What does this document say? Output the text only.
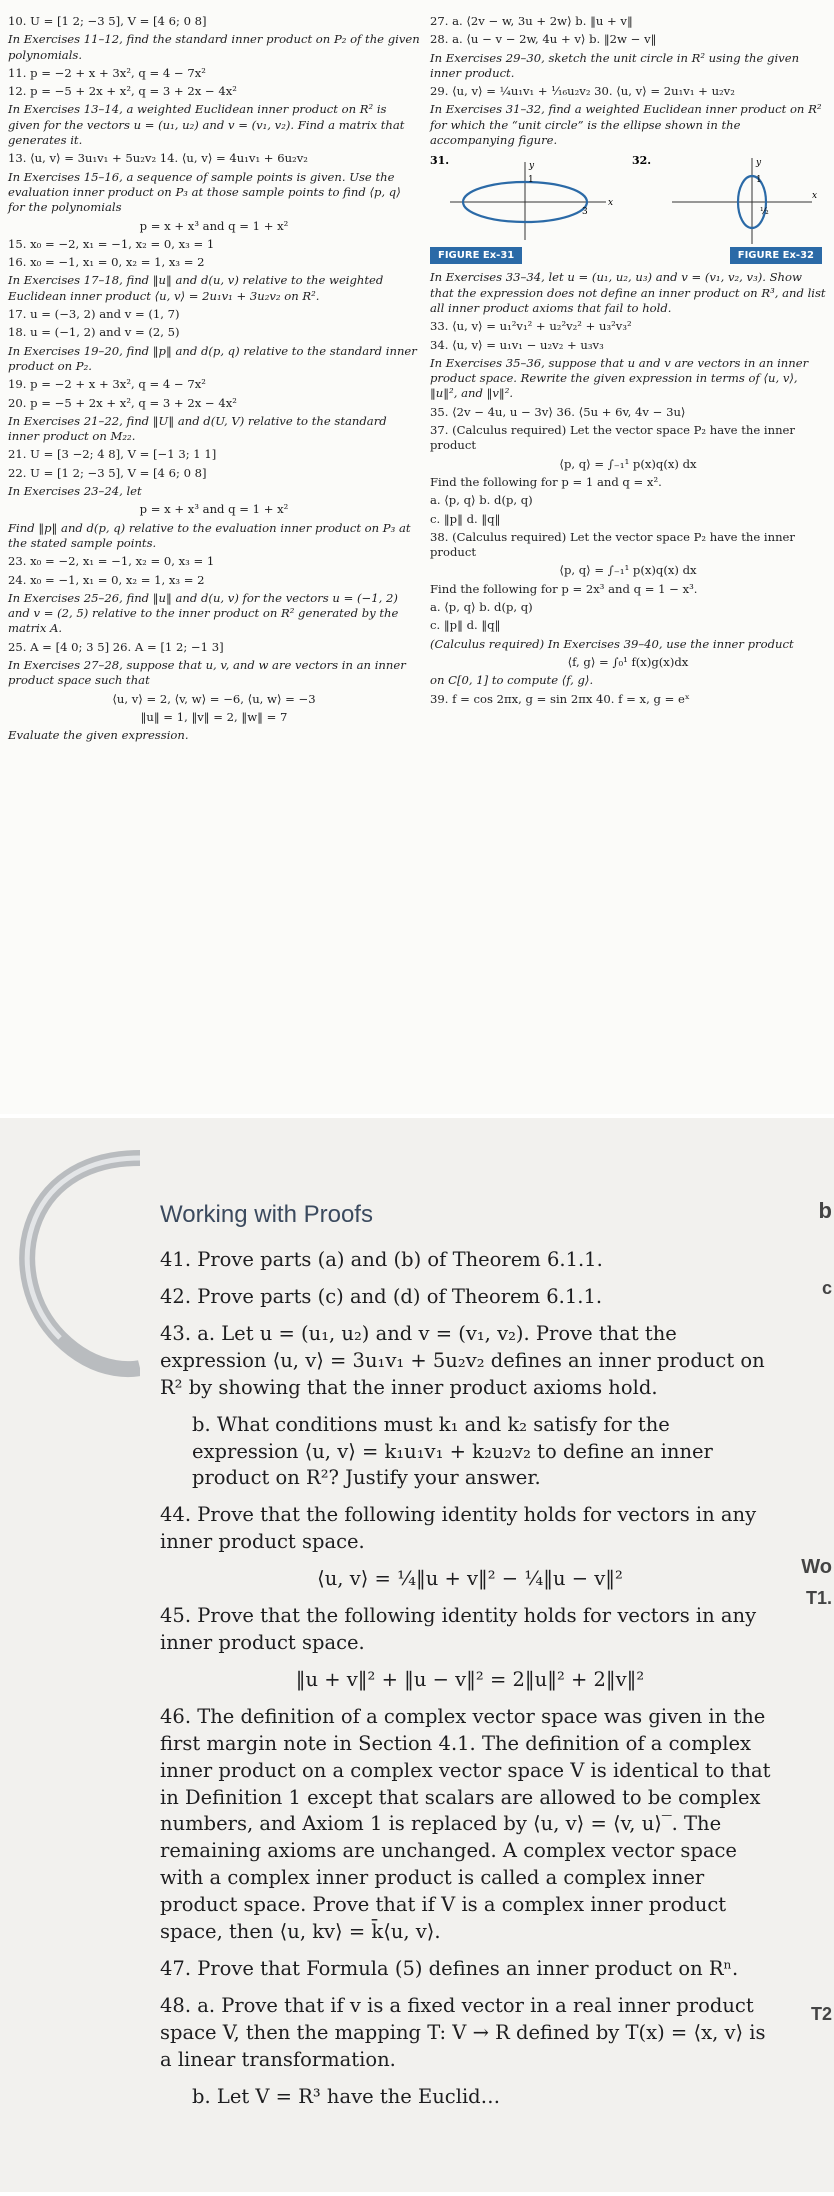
10. U = [1 2; −3 5], V = [4 6; 0 8]

In Exercises 11–12, find the standard inner product on P₂ of the given polynomials.

11. p = −2 + x + 3x², q = 4 − 7x²

12. p = −5 + 2x + x², q = 3 + 2x − 4x²

In Exercises 13–14, a weighted Euclidean inner product on R² is given for the vectors u = (u₁, u₂) and v = (v₁, v₂). Find a matrix that generates it.

13. ⟨u, v⟩ = 3u₁v₁ + 5u₂v₂ 14. ⟨u, v⟩ = 4u₁v₁ + 6u₂v₂

In Exercises 15–16, a sequence of sample points is given. Use the evaluation inner product on P₃ at those sample points to find ⟨p, q⟩ for the polynomials

p = x + x³ and q = 1 + x²

15. x₀ = −2, x₁ = −1, x₂ = 0, x₃ = 1

16. x₀ = −1, x₁ = 0, x₂ = 1, x₃ = 2

In Exercises 17–18, find ‖u‖ and d(u, v) relative to the weighted Euclidean inner product ⟨u, v⟩ = 2u₁v₁ + 3u₂v₂ on R².

17. u = (−3, 2) and v = (1, 7)

18. u = (−1, 2) and v = (2, 5)

In Exercises 19–20, find ‖p‖ and d(p, q) relative to the standard inner product on P₂.

19. p = −2 + x + 3x², q = 4 − 7x²

20. p = −5 + 2x + x², q = 3 + 2x − 4x²

In Exercises 21–22, find ‖U‖ and d(U, V) relative to the standard inner product on M₂₂.

21. U = [3 −2; 4 8], V = [−1 3; 1 1]

22. U = [1 2; −3 5], V = [4 6; 0 8]

In Exercises 23–24, let

p = x + x³ and q = 1 + x²

Find ‖p‖ and d(p, q) relative to the evaluation inner product on P₃ at the stated sample points.

23. x₀ = −2, x₁ = −1, x₂ = 0, x₃ = 1

24. x₀ = −1, x₁ = 0, x₂ = 1, x₃ = 2

In Exercises 25–26, find ‖u‖ and d(u, v) for the vectors u = (−1, 2) and v = (2, 5) relative to the inner product on R² generated by the matrix A.

25. A = [4 0; 3 5] 26. A = [1 2; −1 3]

In Exercises 27–28, suppose that u, v, and w are vectors in an inner product space such that

⟨u, v⟩ = 2, ⟨v, w⟩ = −6, ⟨u, w⟩ = −3

‖u‖ = 1, ‖v‖ = 2, ‖w‖ = 7

Evaluate the given expression.

27. a. ⟨2v − w, 3u + 2w⟩ b. ‖u + v‖

28. a. ⟨u − v − 2w, 4u + v⟩ b. ‖2w − v‖

In Exercises 29–30, sketch the unit circle in R² using the given inner product.

29. ⟨u, v⟩ = ¼u₁v₁ + ¹⁄₁₆u₂v₂ 30. ⟨u, v⟩ = 2u₁v₁ + u₂v₂

In Exercises 31–32, find a weighted Euclidean inner product on R² for which the “unit circle” is the ellipse shown in the accompanying figure.

31.	y
x
1
3
FIGURE Ex-31
32.	y
x
1
½
FIGURE Ex-32

In Exercises 33–34, let u = (u₁, u₂, u₃) and v = (v₁, v₂, v₃). Show that the expression does not define an inner product on R³, and list all inner product axioms that fail to hold.

33. ⟨u, v⟩ = u₁²v₁² + u₂²v₂² + u₃²v₃²

34. ⟨u, v⟩ = u₁v₁ − u₂v₂ + u₃v₃

In Exercises 35–36, suppose that u and v are vectors in an inner product space. Rewrite the given expression in terms of ⟨u, v⟩, ‖u‖², and ‖v‖².

35. ⟨2v − 4u, u − 3v⟩ 36. ⟨5u + 6v, 4v − 3u⟩

37. (Calculus required) Let the vector space P₂ have the inner product

⟨p, q⟩ = ∫₋₁¹ p(x)q(x) dx

Find the following for p = 1 and q = x².

a. ⟨p, q⟩ b. d(p, q)

c. ‖p‖ d. ‖q‖

38. (Calculus required) Let the vector space P₂ have the inner product

⟨p, q⟩ = ∫₋₁¹ p(x)q(x) dx

Find the following for p = 2x³ and q = 1 − x³.

a. ⟨p, q⟩ b. d(p, q)

c. ‖p‖ d. ‖q‖

(Calculus required) In Exercises 39–40, use the inner product

⟨f, g⟩ = ∫₀¹ f(x)g(x)dx

on C[0, 1] to compute ⟨f, g⟩.

39. f = cos 2πx, g = sin 2πx 40. f = x, g = eˣ

Working with Proofs

41. Prove parts (a) and (b) of Theorem 6.1.1.

42. Prove parts (c) and (d) of Theorem 6.1.1.

43. a. Let u = (u₁, u₂) and v = (v₁, v₂). Prove that the expression ⟨u, v⟩ = 3u₁v₁ + 5u₂v₂ defines an inner product on R² by showing that the inner product axioms hold.

b. What conditions must k₁ and k₂ satisfy for the expression ⟨u, v⟩ = k₁u₁v₁ + k₂u₂v₂ to define an inner product on R²? Justify your answer.

44. Prove that the following identity holds for vectors in any inner product space.

⟨u, v⟩ = ¼‖u + v‖² − ¼‖u − v‖²

45. Prove that the following identity holds for vectors in any inner product space.

‖u + v‖² + ‖u − v‖² = 2‖u‖² + 2‖v‖²

46. The definition of a complex vector space was given in the first margin note in Section 4.1. The definition of a complex inner product on a complex vector space V is identical to that in Definition 1 except that scalars are allowed to be complex numbers, and Axiom 1 is replaced by ⟨u, v⟩ = ⟨v, u⟩‾. The remaining axioms are unchanged. A complex vector space with a complex inner product is called a complex inner product space. Prove that if V is a complex inner product space, then ⟨u, kv⟩ = k̄⟨u, v⟩.

47. Prove that Formula (5) defines an inner product on Rⁿ.

48. a. Prove that if v is a fixed vector in a real inner product space V, then the mapping T: V → R defined by T(x) = ⟨x, v⟩ is a linear transformation.

b. Let V = R³ have the Euclid…

b
c
Wo
T1.
T2
